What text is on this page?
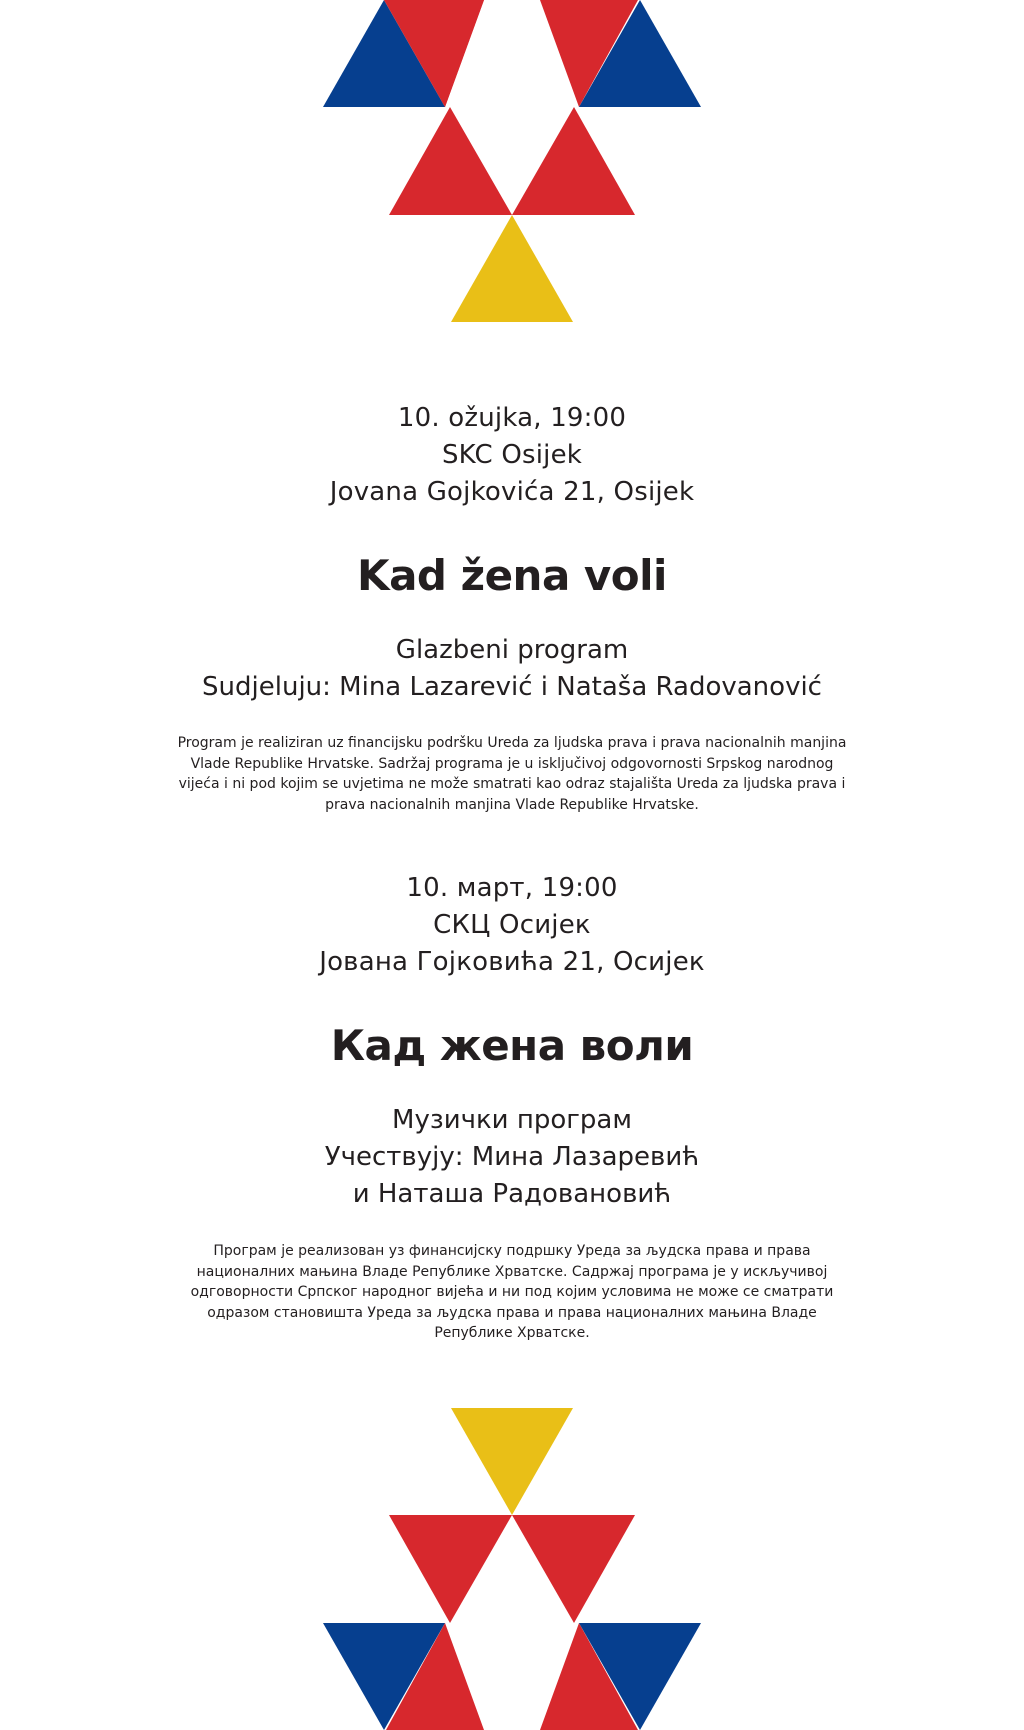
10. ožujka, 19:00
SKC Osijek
Jovana Gojkovića 21, Osijek
Kad žena voli
Glazbeni program
Sudjeluju: Mina Lazarević i Nataša Radovanović
Program je realiziran uz financijsku podršku Ureda za ljudska prava i prava nacionalnih manjina Vlade Republike Hrvatske. Sadržaj programa je u isključivoj odgovornosti Srpskog narodnog vijeća i ni pod kojim se uvjetima ne može smatrati kao odraz stajališta Ureda za ljudska prava i prava nacionalnih manjina Vlade Republike Hrvatske.
10. март, 19:00
СКЦ Осијек
Јована Гојковића 21, Осијек
Кад жена воли
Музички програм
Учествују: Мина Лазаревић
и Наташа Радовановић
Програм је реализован уз финансијску подршку Уреда за људска права и права националних мањина Владе Републике Хрватске. Садржај програма је у искључивој одговорности Српског народног вијећа и ни под којим условима не може се сматрати одразом становишта Уреда за људска права и права националних мањина Владе Републике Хрватске.
